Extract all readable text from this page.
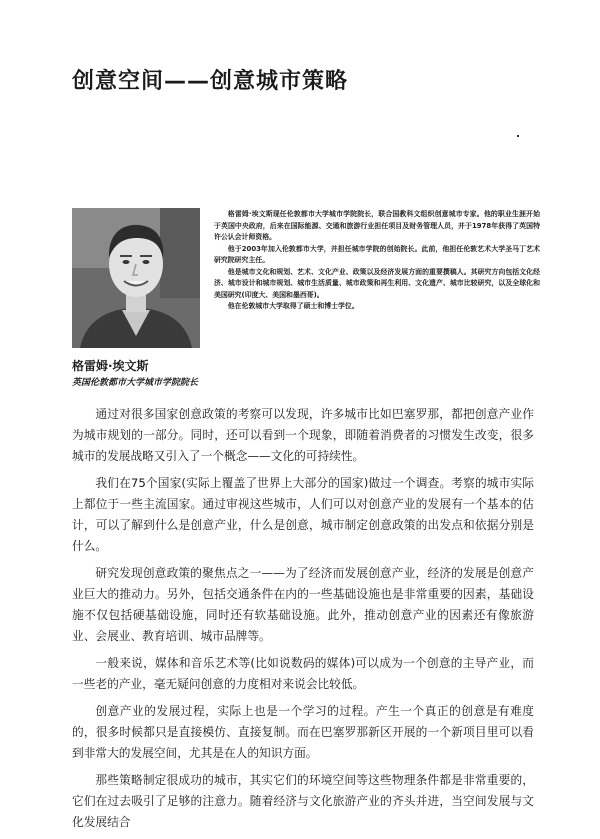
创意空间——创意城市策略
格雷姆·埃文斯
英国伦敦都市大学城市学院院长

格雷姆·埃文斯现任伦敦都市大学城市学院院长，联合国教科文组织创意城市专家。他的职业生涯开始于英国中央政府，后来在国际能源、交通和旅游行业担任项目及财务管理人员，并于1978年获得了英国特许公认会计师资格。

他于2003年加入伦敦都市大学，并担任城市学院的创始院长。此前，他担任伦敦艺术大学圣马丁艺术研究院研究主任。

他是城市文化和规划、艺术、文化产业、政策以及经济发展方面的重要撰稿人。其研究方向包括文化经济、城市设计和城市规划、城市生活质量、城市政策和再生利用、文化遗产、城市比较研究，以及全球化和美国研究(印度大、美国和墨西哥)。

他在伦敦城市大学取得了硕士和博士学位。

通过对很多国家创意政策的考察可以发现，许多城市比如巴塞罗那，都把创意产业作为城市规划的一部分。同时，还可以看到一个现象，即随着消费者的习惯发生改变，很多城市的发展战略又引入了一个概念——文化的可持续性。

我们在75个国家(实际上覆盖了世界上大部分的国家)做过一个调查。考察的城市实际上都位于一些主流国家。通过审视这些城市，人们可以对创意产业的发展有一个基本的估计，可以了解到什么是创意产业，什么是创意，城市制定创意政策的出发点和依据分别是什么。

研究发现创意政策的聚焦点之一——为了经济而发展创意产业，经济的发展是创意产业巨大的推动力。另外，包括交通条件在内的一些基础设施也是非常重要的因素，基础设施不仅包括硬基础设施，同时还有软基础设施。此外，推动创意产业的因素还有像旅游业、会展业、教育培训、城市品牌等。

一般来说，媒体和音乐艺术等(比如说数码的媒体)可以成为一个创意的主导产业，而一些老的产业，毫无疑问创意的力度相对来说会比较低。

创意产业的发展过程，实际上也是一个学习的过程。产生一个真正的创意是有难度的，很多时候都只是直接模仿、直接复制。而在巴塞罗那新区开展的一个新项目里可以看到非常大的发展空间，尤其是在人的知识方面。

那些策略制定很成功的城市，其实它们的环境空间等这些物理条件都是非常重要的，它们在过去吸引了足够的注意力。随着经济与文化旅游产业的齐头并进，当空间发展与文化发展结合
